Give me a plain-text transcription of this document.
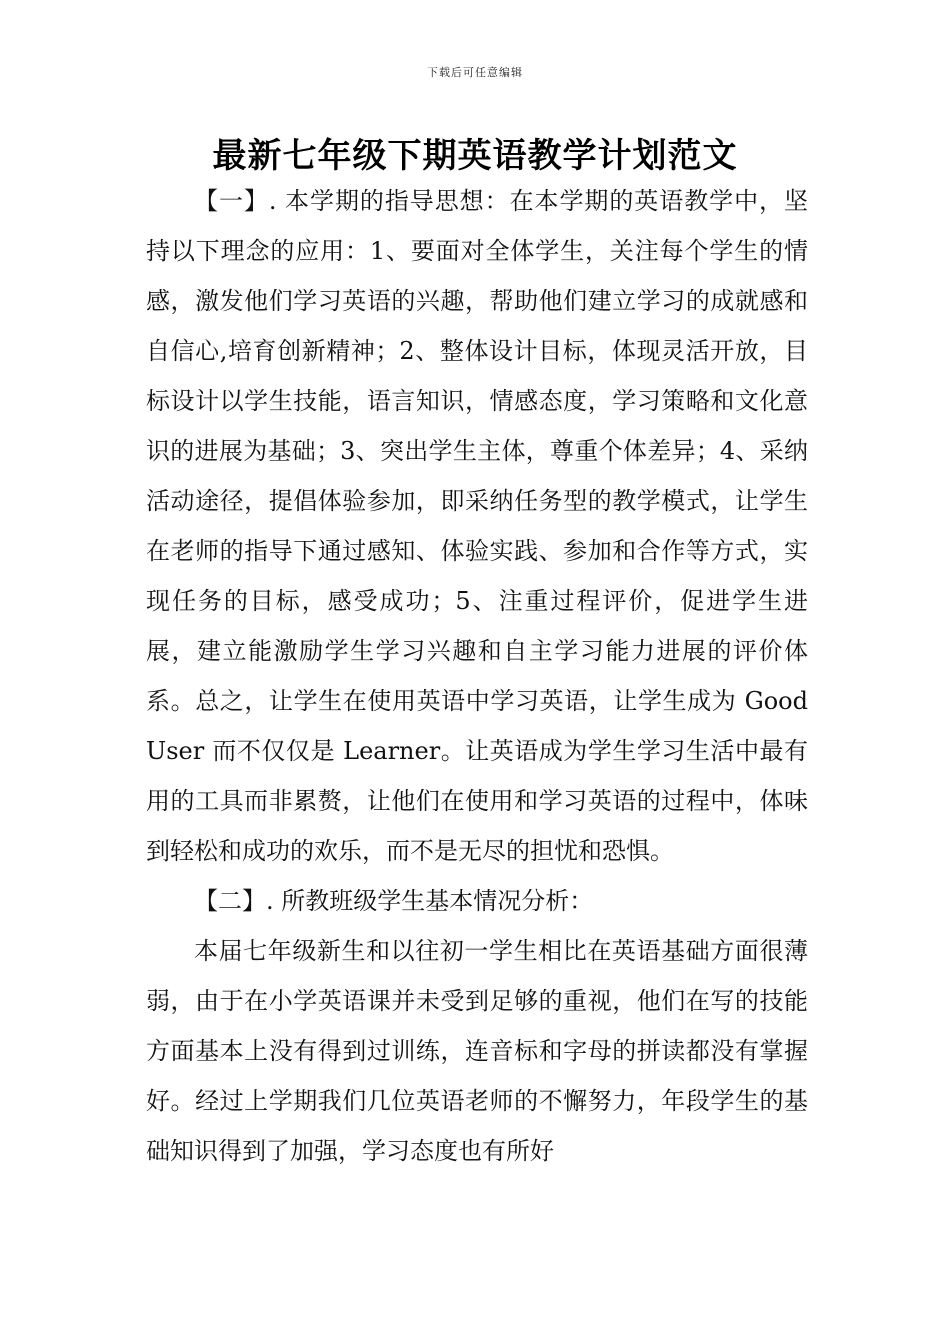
下载后可任意编辑
最新七年级下期英语教学计划范文

【一】. 本学期的指导思想：在本学期的英语教学中，坚持以下理念的应用：1、要面对全体学生，关注每个学生的情感，激发他们学习英语的兴趣，帮助他们建立学习的成就感和自信心,培育创新精神；2、整体设计目标，体现灵活开放，目标设计以学生技能，语言知识，情感态度，学习策略和文化意识的进展为基础；3、突出学生主体，尊重个体差异；4、采纳活动途径，提倡体验参加，即采纳任务型的教学模式，让学生在老师的指导下通过感知、体验实践、参加和合作等方式，实现任务的目标，感受成功；5、注重过程评价，促进学生进展，建立能激励学生学习兴趣和自主学习能力进展的评价体系。总之，让学生在使用英语中学习英语，让学生成为 Good User 而不仅仅是 Learner。让英语成为学生学习生活中最有用的工具而非累赘，让他们在使用和学习英语的过程中，体味到轻松和成功的欢乐，而不是无尽的担忧和恐惧。

【二】. 所教班级学生基本情况分析：

本届七年级新生和以往初一学生相比在英语基础方面很薄弱，由于在小学英语课并未受到足够的重视，他们在写的技能方面基本上没有得到过训练，连音标和字母的拼读都没有掌握好。经过上学期我们几位英语老师的不懈努力，年段学生的基础知识得到了加强，学习态度也有所好
